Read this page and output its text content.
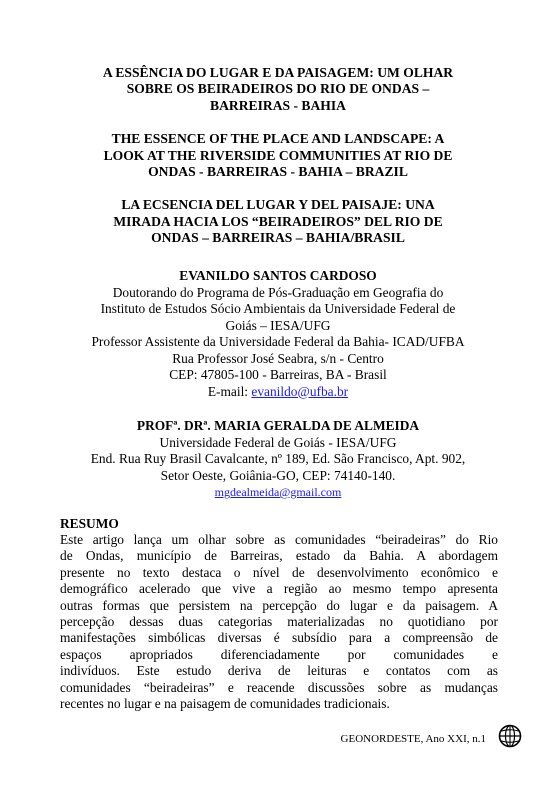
A ESSÊNCIA DO LUGAR E DA PAISAGEM: UM OLHAR
SOBRE OS BEIRADEIROS DO RIO DE ONDAS –
BARREIRAS - BAHIA

THE ESSENCE OF THE PLACE AND LANDSCAPE: A
LOOK AT THE RIVERSIDE COMMUNITIES AT RIO DE
ONDAS - BARREIRAS - BAHIA – BRAZIL

LA ECSENCIA DEL LUGAR Y DEL PAISAJE: UNA
MIRADA HACIA LOS “BEIRADEIROS” DEL RIO DE
ONDAS – BARREIRAS – BAHIA/BRASIL

EVANILDO SANTOS CARDOSO
Doutorando do Programa de Pós-Graduação em Geografia do
Instituto de Estudos Sócio Ambientais da Universidade Federal de
Goiás – IESA/UFG
Professor Assistente da Universidade Federal da Bahia- ICAD/UFBA
Rua Professor José Seabra, s/n - Centro
CEP: 47805-100 - Barreiras, BA - Brasil
E-mail: evanildo@ufba.br
PROFª. DRª. MARIA GERALDA DE ALMEIDA
Universidade Federal de Goiás - IESA/UFG
End. Rua Ruy Brasil Cavalcante, nº 189, Ed. São Francisco, Apt. 902,
Setor Oeste, Goiânia-GO, CEP: 74140-140.
mgdealmeida@gmail.com
RESUMO
Este artigo lança um olhar sobre as comunidades “beiradeiras” do Rio
de Ondas, município de Barreiras, estado da Bahia. A abordagem
presente no texto destaca o nível de desenvolvimento econômico e
demográfico acelerado que vive a região ao mesmo tempo apresenta
outras formas que persistem na percepção do lugar e da paisagem. A
percepção dessas duas categorias materializadas no quotidiano por
manifestações simbólicas diversas é subsídio para a compreensão de
espaços apropriados diferenciadamente por comunidades e
indivíduos. Este estudo deriva de leituras e contatos com as
comunidades “beiradeiras” e reacende discussões sobre as mudanças
recentes no lugar e na paisagem de comunidades tradicionais.
GEONORDESTE, Ano XXI, n.1
